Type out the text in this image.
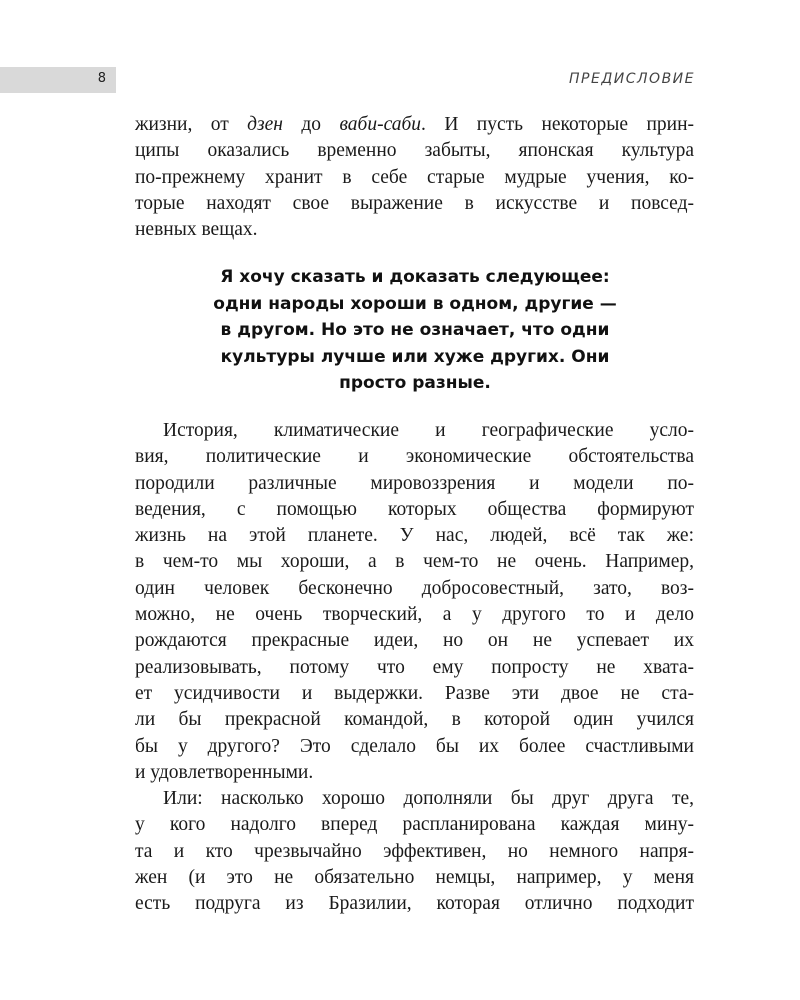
8	ПРЕДИСЛОВИЕ

жизни, от дзен до ваби-саби. И пусть некоторые прин-
ципы оказались временно забыты, японская культура
по-прежнему хранит в себе старые мудрые учения, ко-
торые находят свое выражение в искусстве и повсед-
невных вещах.

Я хочу сказать и доказать следующее:
одни народы хороши в одном, другие —
в другом. Но это не означает, что одни
культуры лучше или хуже других. Они
просто разные.

История, климатические и географические усло-
вия, политические и экономические обстоятельства
породили различные мировоззрения и модели по-
ведения, с помощью которых общества формируют
жизнь на этой планете. У нас, людей, всё так же:
в чем-то мы хороши, а в чем-то не очень. Например,
один человек бесконечно добросовестный, зато, воз-
можно, не очень творческий, а у другого то и дело
рождаются прекрасные идеи, но он не успевает их
реализовывать, потому что ему попросту не хвата-
ет усидчивости и выдержки. Разве эти двое не ста-
ли бы прекрасной командой, в которой один учился
бы у другого? Это сделало бы их более счастливыми
и удовлетворенными.

Или: насколько хорошо дополняли бы друг друга те,
у кого надолго вперед распланирована каждая мину-
та и кто чрезвычайно эффективен, но немного напря-
жен (и это не обязательно немцы, например, у меня
есть подруга из Бразилии, которая отлично подходит
